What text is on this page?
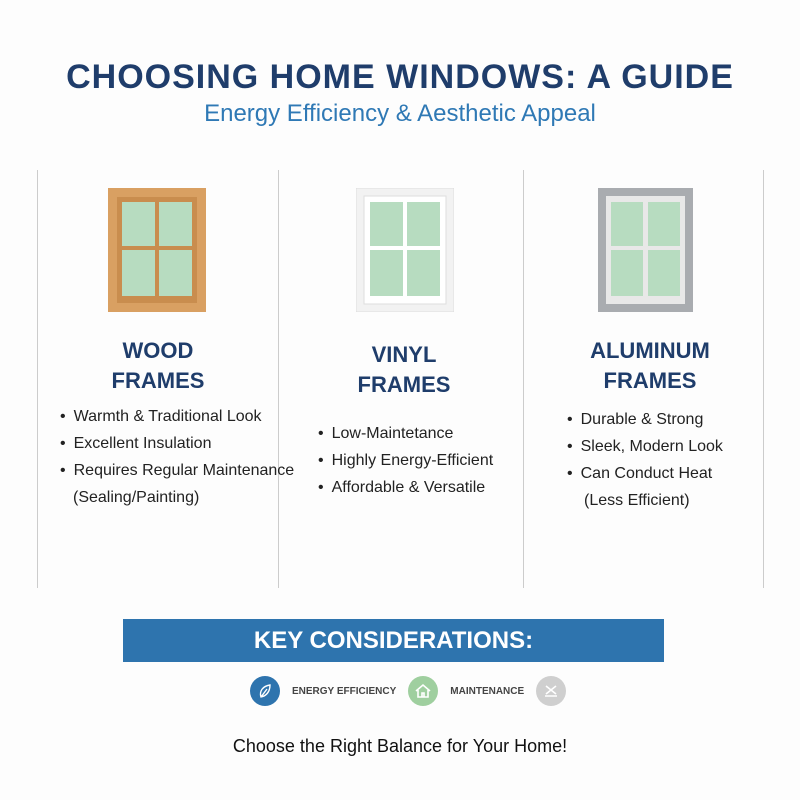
CHOOSING HOME WINDOWS: A GUIDE
Energy Efficiency & Aesthetic Appeal
WOOD
FRAMES
• Warmth & Traditional Look
• Excellent Insulation
• Requires Regular Maintenance
(Sealing/Painting)
VINYL
FRAMES
• Low-Maintetance
• Highly Energy-Efficient
• Affordable & Versatile
ALUMINUM
FRAMES
• Durable & Strong
• Sleek, Modern Look
• Can Conduct Heat
(Less Efficient)
KEY CONSIDERATIONS:
ENERGY EFFICIENCY	MAINTENANCE
Choose the Right Balance for Your Home!
